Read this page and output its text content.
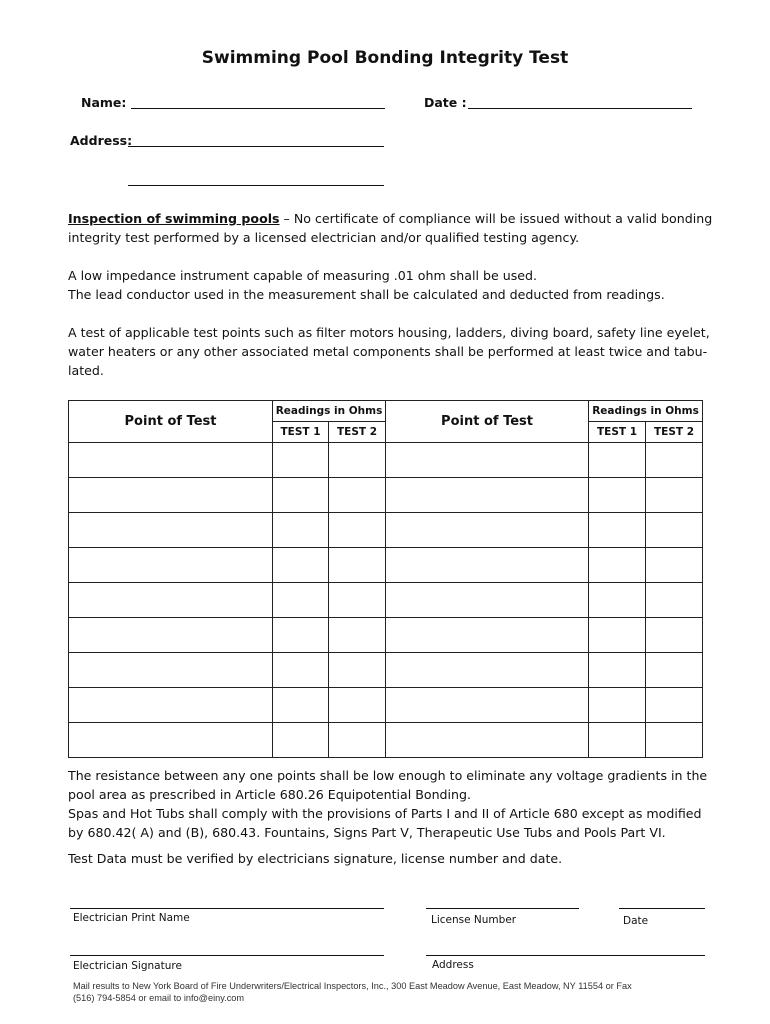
Swimming Pool Bonding Integrity Test
Name:	Date :
Address:
Inspection of swimming pools – No certificate of compliance will be issued without a valid bonding integrity test performed by a licensed electrician and/or qualified testing agency.
A low impedance instrument capable of measuring .01 ohm shall be used.
The lead conductor used in the measurement shall be calculated and deducted from readings.
A test of applicable test points such as filter motors housing, ladders, diving board, safety line eyelet, water heaters or any other associated metal components shall be performed at least twice and tabu-lated.
Point of Test	Readings in Ohms		Point of Test	Readings in Ohms	
	TEST 1	TEST 2		TEST 1	TEST 2

The resistance between any one points shall be low enough to eliminate any voltage gradients in the pool area as prescribed in Article 680.26 Equipotential Bonding.
Spas and Hot Tubs shall comply with the provisions of Parts I and II of Article 680 except as modified by 680.42( A) and (B), 680.43. Fountains, Signs Part V, Therapeutic Use Tubs and Pools Part VI.
Test Data must be verified by electricians signature, license number and date.
Electrician Print Name	License Number	Date
Electrician Signature	Address
Mail results to New York Board of Fire Underwriters/Electrical Inspectors, Inc., 300 East Meadow Avenue, East Meadow, NY 11554 or Fax
(516) 794-5854 or email to info@einy.com
